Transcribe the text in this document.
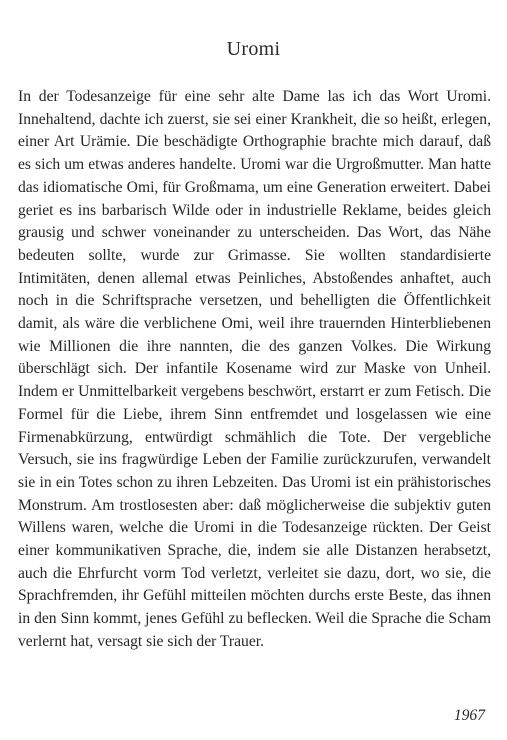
Uromi

In der Todesanzeige für eine sehr alte Dame las ich das Wort Uromi. Innehaltend, dachte ich zuerst, sie sei einer Krankheit, die so heißt, erlegen, einer Art Urämie. Die beschädigte Orthographie brachte mich darauf, daß es sich um etwas anderes handelte. Uromi war die Urgroßmutter. Man hatte das idiomatische Omi, für Großmama, um eine Generation erweitert. Dabei geriet es ins barbarisch Wilde oder in industrielle Reklame, beides gleich grausig und schwer voneinander zu unterscheiden. Das Wort, das Nähe bedeuten sollte, wurde zur Grimasse. Sie wollten standardisierte Intimitäten, denen allemal etwas Peinliches, Abstoßendes anhaftet, auch noch in die Schriftsprache versetzen, und behelligten die Öffentlichkeit damit, als wäre die verblichene Omi, weil ihre trauernden Hinterbliebenen wie Millionen die ihre nannten, die des ganzen Volkes. Die Wirkung überschlägt sich. Der infantile Kosename wird zur Maske von Unheil. Indem er Unmittelbarkeit vergebens beschwört, erstarrt er zum Fetisch. Die Formel für die Liebe, ihrem Sinn entfremdet und losgelassen wie eine Firmenabkürzung, entwürdigt schmählich die Tote. Der vergebliche Versuch, sie ins fragwürdige Leben der Familie zurückzurufen, verwandelt sie in ein Totes schon zu ihren Lebzeiten. Das Uromi ist ein prähistorisches Monstrum. Am trostlosesten aber: daß möglicherweise die subjektiv guten Willens waren, welche die Uromi in die Todesanzeige rückten. Der Geist einer kommunikativen Sprache, die, indem sie alle Distanzen herabsetzt, auch die Ehrfurcht vorm Tod verletzt, verleitet sie dazu, dort, wo sie, die Sprachfremden, ihr Gefühl mitteilen möchten durchs erste Beste, das ihnen in den Sinn kommt, jenes Gefühl zu beflecken. Weil die Sprache die Scham verlernt hat, versagt sie sich der Trauer.

1967
